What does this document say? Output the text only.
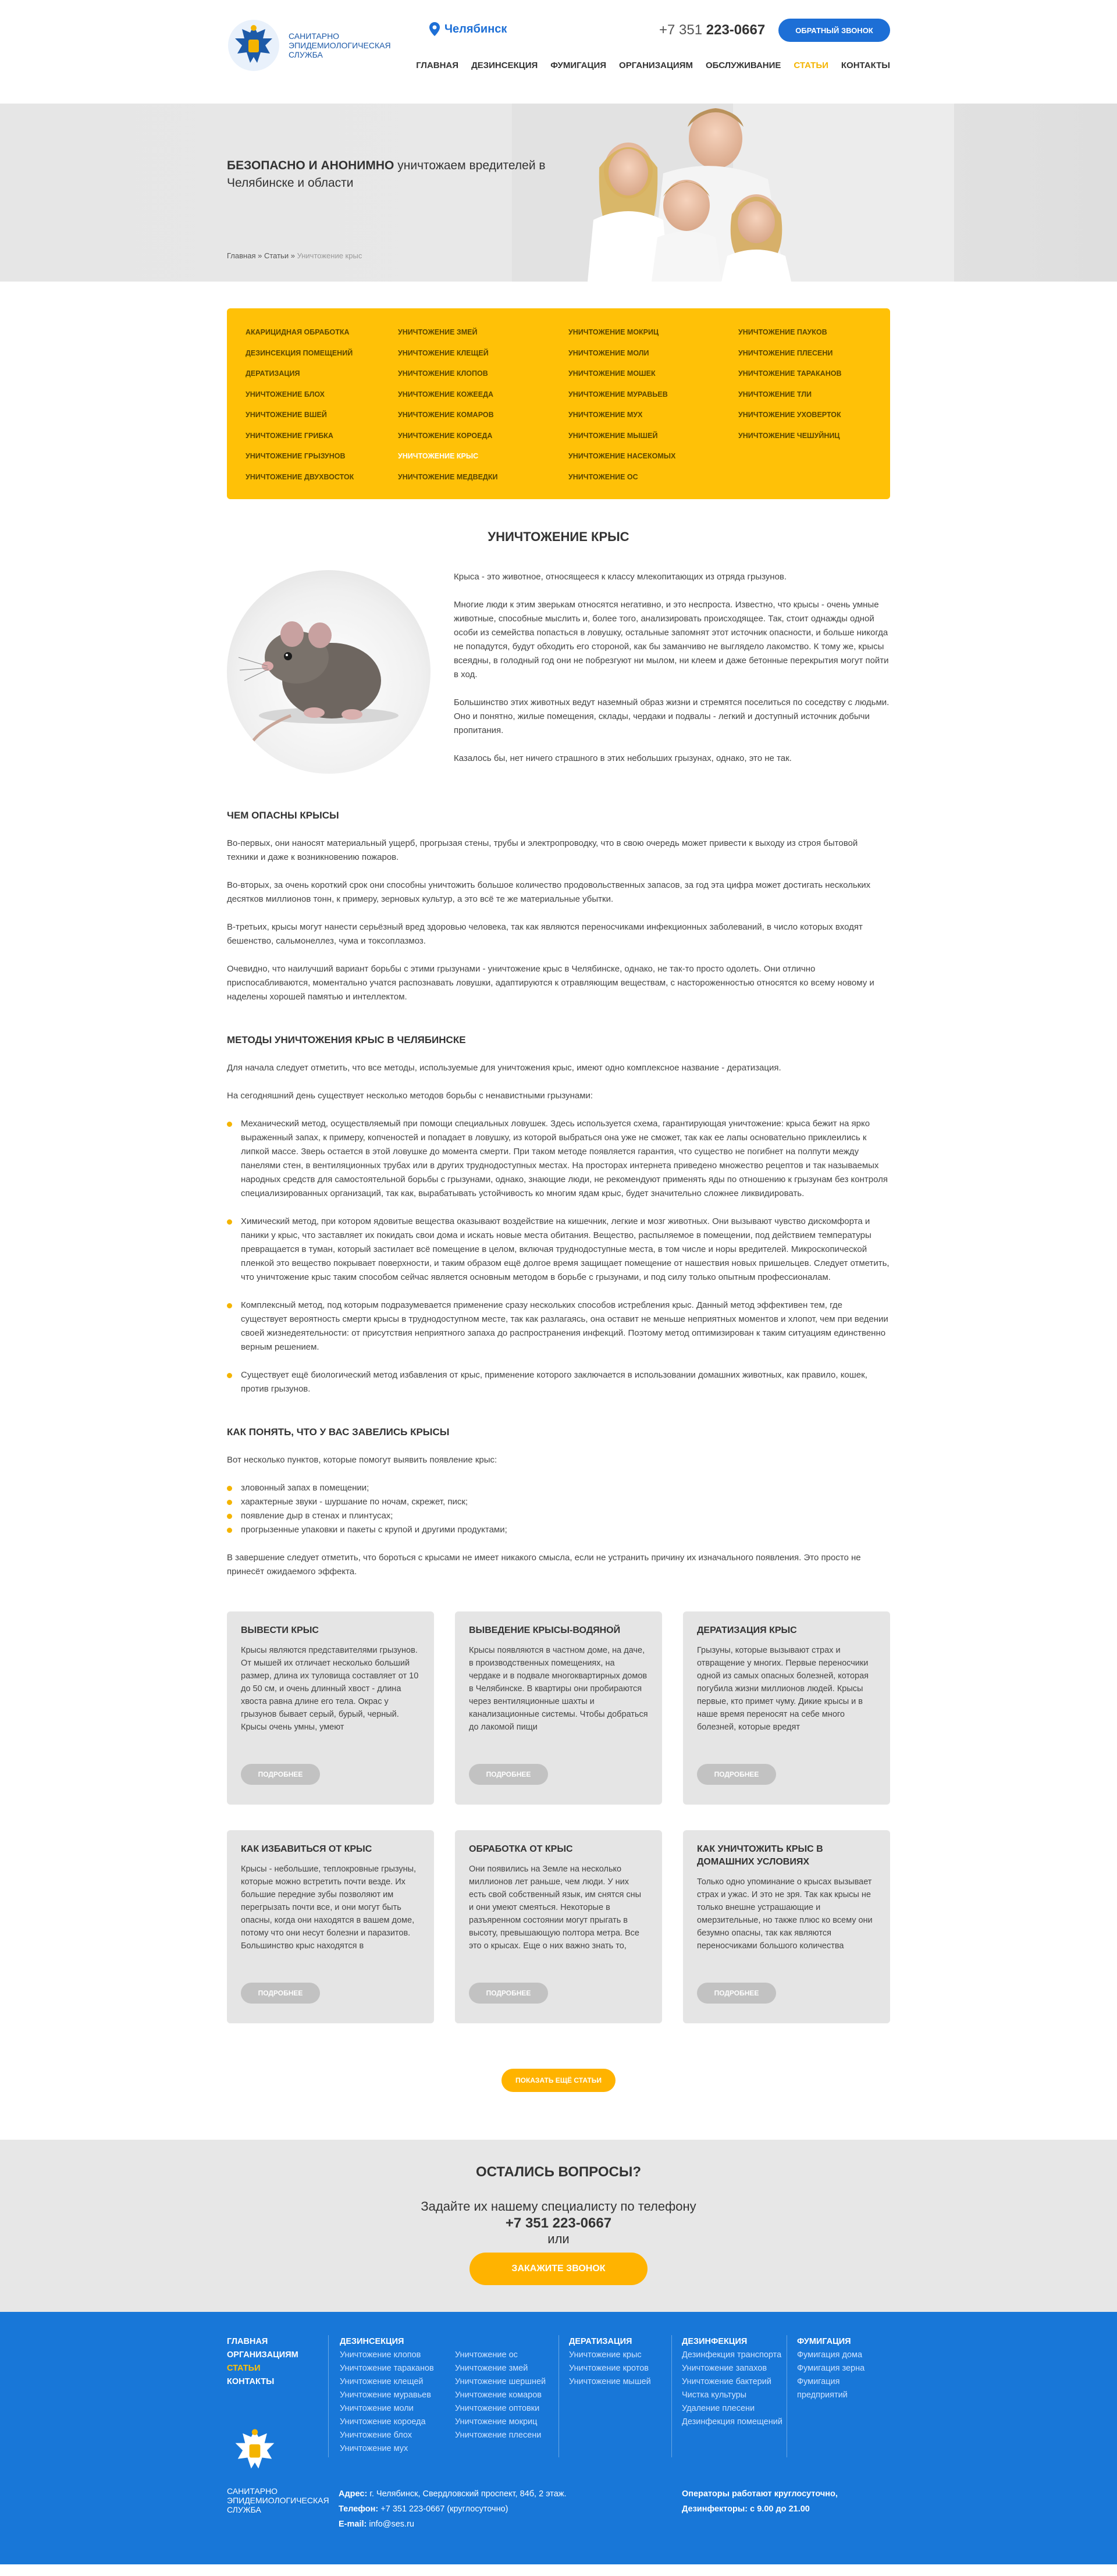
САНИТАРНО ЭПИДЕМИОЛОГИЧЕСКАЯ СЛУЖБА
Челябинск	+7 351 223-0667	ОБРАТНЫЙ ЗВОНОК
ГЛАВНАЯ ДЕЗИНСЕКЦИЯ ФУМИГАЦИЯ ОРГАНИЗАЦИЯМ ОБСЛУЖИВАНИЕ СТАТЬИ КОНТАКТЫ
БЕЗОПАСНО И АНОНИМНО уничтожаем вредителей в Челябинске и области
Главная » Статьи » Уничтожение крыс
АКАРИЦИДНАЯ ОБРАБОТКА
ДЕЗИНСЕКЦИЯ ПОМЕЩЕНИЙ
ДЕРАТИЗАЦИЯ
УНИЧТОЖЕНИЕ БЛОХ
УНИЧТОЖЕНИЕ ВШЕЙ
УНИЧТОЖЕНИЕ ГРИБКА
УНИЧТОЖЕНИЕ ГРЫЗУНОВ
УНИЧТОЖЕНИЕ ДВУХВОСТОК
УНИЧТОЖЕНИЕ ЗМЕЙ
УНИЧТОЖЕНИЕ КЛЕЩЕЙ
УНИЧТОЖЕНИЕ КЛОПОВ
УНИЧТОЖЕНИЕ КОЖЕЕДА
УНИЧТОЖЕНИЕ КОМАРОВ
УНИЧТОЖЕНИЕ КОРОЕДА
УНИЧТОЖЕНИЕ КРЫС
УНИЧТОЖЕНИЕ МЕДВЕДКИ
УНИЧТОЖЕНИЕ МОКРИЦ
УНИЧТОЖЕНИЕ МОЛИ
УНИЧТОЖЕНИЕ МОШЕК
УНИЧТОЖЕНИЕ МУРАВЬЕВ
УНИЧТОЖЕНИЕ МУХ
УНИЧТОЖЕНИЕ МЫШЕЙ
УНИЧТОЖЕНИЕ НАСЕКОМЫХ
УНИЧТОЖЕНИЕ ОС
УНИЧТОЖЕНИЕ ПАУКОВ
УНИЧТОЖЕНИЕ ПЛЕСЕНИ
УНИЧТОЖЕНИЕ ТАРАКАНОВ
УНИЧТОЖЕНИЕ ТЛИ
УНИЧТОЖЕНИЕ УХОВЕРТОК
УНИЧТОЖЕНИЕ ЧЕШУЙНИЦ
УНИЧТОЖЕНИЕ КРЫС

Крыса - это животное, относящееся к классу млекопитающих из отряда грызунов.

Многие люди к этим зверькам относятся негативно, и это неспроста. Известно, что крысы - очень умные животные, способные мыслить и, более того, анализировать происходящее. Так, стоит однажды одной особи из семейства попасться в ловушку, остальные запомнят этот источник опасности, и больше никогда не попадутся, будут обходить его стороной, как бы заманчиво не выглядело лакомство. К тому же, крысы всеядны, в голодный год они не побрезгуют ни мылом, ни клеем и даже бетонные перекрытия могут пойти в ход.

Большинство этих животных ведут наземный образ жизни и стремятся поселиться по соседству с людьми. Оно и понятно, жилые помещения, склады, чердаки и подвалы - легкий и доступный источник добычи пропитания.

Казалось бы, нет ничего страшного в этих небольших грызунах, однако, это не так.

ЧЕМ ОПАСНЫ КРЫСЫ

Во-первых, они наносят материальный ущерб, прогрызая стены, трубы и электропроводку, что в свою очередь может привести к выходу из строя бытовой техники и даже к возникновению пожаров.

Во-вторых, за очень короткий срок они способны уничтожить большое количество продовольственных запасов, за год эта цифра может достигать нескольких десятков миллионов тонн, к примеру, зерновых культур, а это всё те же материальные убытки.

В-третьих, крысы могут нанести серьёзный вред здоровью человека, так как являются переносчиками инфекционных заболеваний, в число которых входят бешенство, сальмонеллез, чума и токсоплазмоз.

Очевидно, что наилучший вариант борьбы с этими грызунами - уничтожение крыс в Челябинске, однако, не так-то просто одолеть. Они отлично приспосабливаются, моментально учатся распознавать ловушки, адаптируются к отравляющим веществам, с настороженностью относятся ко всему новому и наделены хорошей памятью и интеллектом.

МЕТОДЫ УНИЧТОЖЕНИЯ КРЫС В ЧЕЛЯБИНСКЕ

Для начала следует отметить, что все методы, используемые для уничтожения крыс, имеют одно комплексное название - дератизация.

На сегодняшний день существует несколько методов борьбы с ненавистными грызунами:

Механический метод, осуществляемый при помощи специальных ловушек. Здесь используется схема, гарантирующая уничтожение: крыса бежит на ярко выраженный запах, к примеру, копченостей и попадает в ловушку, из которой выбраться она уже не сможет, так как ее лапы основательно приклеились к липкой массе. Зверь остается в этой ловушке до момента смерти. При таком методе появляется гарантия, что существо не погибнет на полпути между панелями стен, в вентиляционных трубах или в других труднодоступных местах. На просторах интернета приведено множество рецептов и так называемых народных средств для самостоятельной борьбы с грызунами, однако, знающие люди, не рекомендуют применять яды по отношению к грызунам без контроля специализированных организаций, так как, вырабатывать устойчивость ко многим ядам крыс, будет значительно сложнее ликвидировать.
Химический метод, при котором ядовитые вещества оказывают воздействие на кишечник, легкие и мозг животных. Они вызывают чувство дискомфорта и паники у крыс, что заставляет их покидать свои дома и искать новые места обитания. Вещество, распыляемое в помещении, под действием температуры превращается в туман, который застилает всё помещение в целом, включая труднодоступные места, в том числе и норы вредителей. Микроскопической пленкой это вещество покрывает поверхности, и таким образом ещё долгое время защищает помещение от нашествия новых пришельцев. Следует отметить, что уничтожение крыс таким способом сейчас является основным методом в борьбе с грызунами, и под силу только опытным профессионалам.
Комплексный метод, под которым подразумевается применение сразу нескольких способов истребления крыс. Данный метод эффективен тем, где существует вероятность смерти крысы в труднодоступном месте, так как разлагаясь, она оставит не меньше неприятных моментов и хлопот, чем при ведении своей жизнедеятельности: от присутствия неприятного запаха до распространения инфекций. Поэтому метод оптимизирован к таким ситуациям единственно верным решением.
Существует ещё биологический метод избавления от крыс, применение которого заключается в использовании домашних животных, как правило, кошек, против грызунов.
КАК ПОНЯТЬ, ЧТО У ВАС ЗАВЕЛИСЬ КРЫСЫ

Вот несколько пунктов, которые помогут выявить появление крыс:

зловонный запах в помещении;
характерные звуки - шуршание по ночам, скрежет, писк;
появление дыр в стенах и плинтусах;
прогрызенные упаковки и пакеты с крупой и другими продуктами;

В завершение следует отметить, что бороться с крысами не имеет никакого смысла, если не устранить причину их изначального появления. Это просто не принесёт ожидаемого эффекта.

ВЫВЕСТИ КРЫС
Крысы являются представителями грызунов. От мышей их отличает несколько больший размер, длина их туловища составляет от 10 до 50 см, и очень длинный хвост - длина хвоста равна длине его тела. Окрас у грызунов бывает серый, бурый, черный. Крысы очень умны, умеют
ПОДРОБНЕЕ
ВЫВЕДЕНИЕ КРЫСЫ-ВОДЯНОЙ
Крысы появляются в частном доме, на даче, в производственных помещениях, на чердаке и в подвале многоквартирных домов в Челябинске. В квартиры они пробираются через вентиляционные шахты и канализационные системы. Чтобы добраться до лакомой пищи
ПОДРОБНЕЕ
ДЕРАТИЗАЦИЯ КРЫС
Грызуны, которые вызывают страх и отвращение у многих. Первые переносчики одной из самых опасных болезней, которая погубила жизни миллионов людей. Крысы первые, кто примет чуму. Дикие крысы и в наше время переносят на себе много болезней, которые вредят
ПОДРОБНЕЕ
КАК ИЗБАВИТЬСЯ ОТ КРЫС
Крысы - небольшие, теплокровные грызуны, которые можно встретить почти везде. Их большие передние зубы позволяют им перегрызать почти все, и они могут быть опасны, когда они находятся в вашем доме, потому что они несут болезни и паразитов. Большинство крыс находятся в
ПОДРОБНЕЕ
ОБРАБОТКА ОТ КРЫС
Они появились на Земле на несколько миллионов лет раньше, чем люди. У них есть свой собственный язык, им снятся сны и они умеют смеяться. Некоторые в разъяренном состоянии могут прыгать в высоту, превышающую полтора метра. Все это о крысах. Еще о них важно знать то,
ПОДРОБНЕЕ
КАК УНИЧТОЖИТЬ КРЫС В ДОМАШНИХ УСЛОВИЯХ
Только одно упоминание о крысах вызывает страх и ужас. И это не зря. Так как крысы не только внешне устрашающие и омерзительные, но также плюс ко всему они безумно опасны, так как являются переносчиками большого количества
ПОДРОБНЕЕ
ПОКАЗАТЬ ЕЩЁ СТАТЬИ
ОСТАЛИСЬ ВОПРОСЫ?
Задайте их нашему специалисту по телефону
+7 351 223-0667
или
ЗАКАЖИТЕ ЗВОНОК
ГЛАВНАЯ
ОРГАНИЗАЦИЯМ
СТАТЬИ
КОНТАКТЫ
ДЕЗИНСЕКЦИЯ
Уничтожение клопов
Уничтожение тараканов
Уничтожение клещей
Уничтожение муравьев
Уничтожение моли
Уничтожение короеда
Уничтожение блох
Уничтожение мух
Уничтожение ос
Уничтожение змей
Уничтожение шершней
Уничтожение комаров
Уничтожение оптовки
Уничтожение мокриц
Уничтожение плесени
ДЕРАТИЗАЦИЯ
Уничтожение крыс
Уничтожение кротов
Уничтожение мышей
ДЕЗИНФЕКЦИЯ
Дезинфекция транспорта
Уничтожение запахов
Уничтожение бактерий
Чистка культуры
Удаление плесени
Дезинфекция помещений
ФУМИГАЦИЯ
Фумигация дома
Фумигация зерна
Фумигация предприятий
САНИТАРНО ЭПИДЕМИОЛОГИЧЕСКАЯ СЛУЖБА
Адрес: г. Челябинск, Свердловский проспект, 84б, 2 этаж.
Телефон: +7 351 223-0667 (круглосуточно)
E-mail: info@ses.ru
Операторы работают круглосуточно,
Дезинфекторы: с 9.00 до 21.00
